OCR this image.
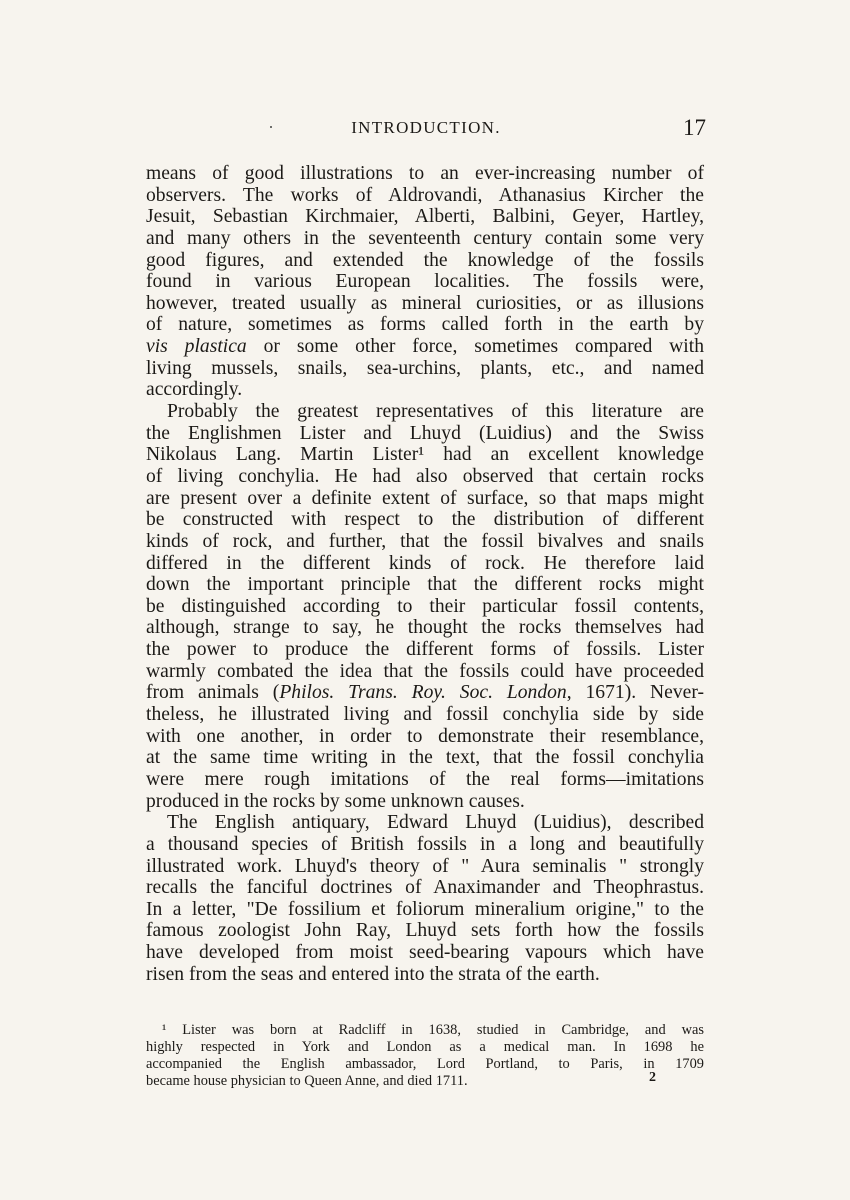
INTRODUCTION.	17
means of good illustrations to an ever-increasing number of
observers. The works of Aldrovandi, Athanasius Kircher the
Jesuit, Sebastian Kirchmaier, Alberti, Balbini, Geyer, Hartley,
and many others in the seventeenth century contain some very
good figures, and extended the knowledge of the fossils
found in various European localities. The fossils were,
however, treated usually as mineral curiosities, or as illusions
of nature, sometimes as forms called forth in the earth by
vis plastica or some other force, sometimes compared with
living mussels, snails, sea-urchins, plants, etc., and named
accordingly.
Probably the greatest representatives of this literature are
the Englishmen Lister and Lhuyd (Luidius) and the Swiss
Nikolaus Lang. Martin Lister¹ had an excellent knowledge
of living conchylia. He had also observed that certain rocks
are present over a definite extent of surface, so that maps might
be constructed with respect to the distribution of different
kinds of rock, and further, that the fossil bivalves and snails
differed in the different kinds of rock. He therefore laid
down the important principle that the different rocks might
be distinguished according to their particular fossil contents,
although, strange to say, he thought the rocks themselves had
the power to produce the different forms of fossils. Lister
warmly combated the idea that the fossils could have proceeded
from animals (Philos. Trans. Roy. Soc. London, 1671). Never-
theless, he illustrated living and fossil conchylia side by side
with one another, in order to demonstrate their resemblance,
at the same time writing in the text, that the fossil conchylia
were mere rough imitations of the real forms—imitations
produced in the rocks by some unknown causes.
The English antiquary, Edward Lhuyd (Luidius), described
a thousand species of British fossils in a long and beautifully
illustrated work. Lhuyd's theory of " Aura seminalis " strongly
recalls the fanciful doctrines of Anaximander and Theophrastus.
In a letter, "De fossilium et foliorum mineralium origine," to the
famous zoologist John Ray, Lhuyd sets forth how the fossils
have developed from moist seed-bearing vapours which have
risen from the seas and entered into the strata of the earth.
¹ Lister was born at Radcliff in 1638, studied in Cambridge, and was
highly respected in York and London as a medical man. In 1698 he
accompanied the English ambassador, Lord Portland, to Paris, in 1709
became house physician to Queen Anne, and died 1711.	2
